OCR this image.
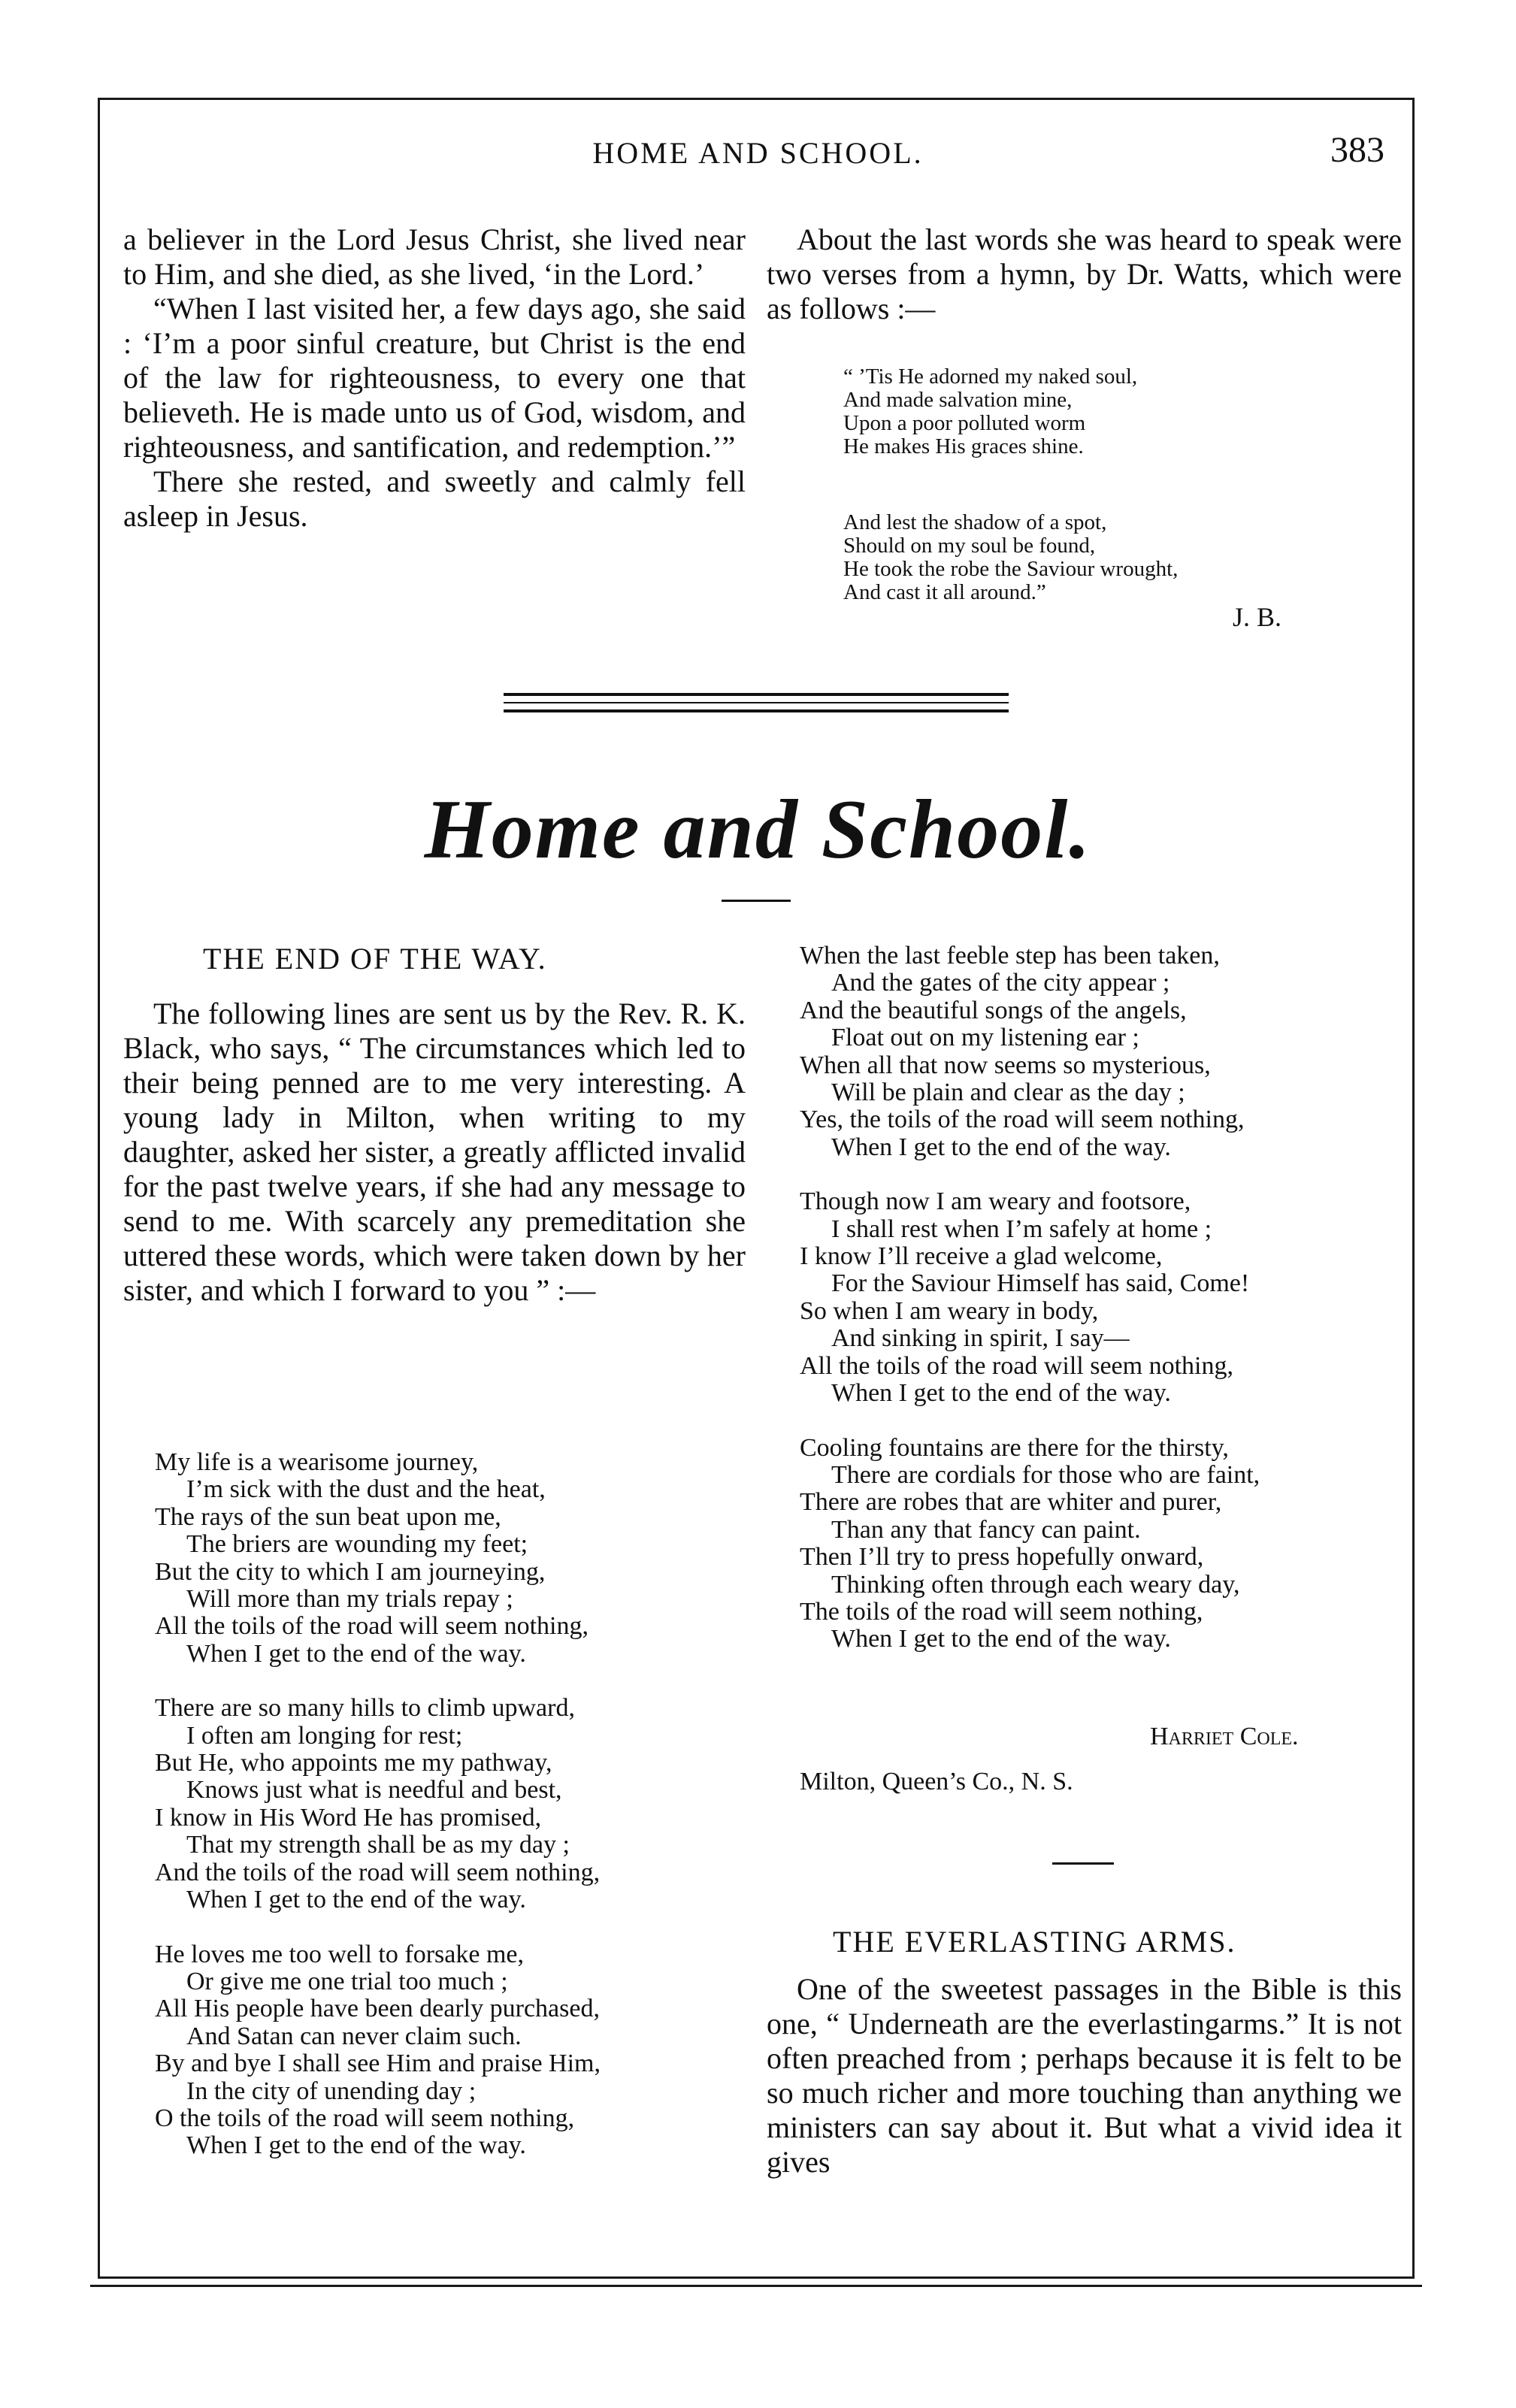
HOME AND SCHOOL.	383

a believer in the Lord Jesus Christ, she lived near to Him, and she died, as she lived, ‘in the Lord.’

“When I last visited her, a few days ago, she said : ‘I’m a poor sinful creature, but Christ is the end of the law for righteousness, to every one that believeth. He is made unto us of God, wisdom, and righteousness, and santification, and redemption.’”

There she rested, and sweetly and calmly fell asleep in Jesus.

About the last words she was heard to speak were two verses from a hymn, by Dr. Watts, which were as follows :—

“ ’Tis He adorned my naked soul,
And made salvation mine,
Upon a poor polluted worm
He makes His graces shine.
And lest the shadow of a spot,
Should on my soul be found,
He took the robe the Saviour wrought,
And cast it all around.”
J. B.
Home and School.
THE END OF THE WAY.

The following lines are sent us by the Rev. R. K. Black, who says, “ The circumstances which led to their being penned are to me very interesting. A young lady in Milton, when writing to my daughter, asked her sister, a greatly afflicted invalid for the past twelve years, if she had any message to send to me. With scarcely any premeditation she uttered these words, which were taken down by her sister, and which I forward to you ” :—

My life is a wearisome journey,
I’m sick with the dust and the heat,
The rays of the sun beat upon me,
The briers are wounding my feet;
But the city to which I am journeying,
Will more than my trials repay ;
All the toils of the road will seem nothing,
When I get to the end of the way.
There are so many hills to climb upward,
I often am longing for rest;
But He, who appoints me my pathway,
Knows just what is needful and best,
I know in His Word He has promised,
That my strength shall be as my day ;
And the toils of the road will seem nothing,
When I get to the end of the way.
He loves me too well to forsake me,
Or give me one trial too much ;
All His people have been dearly purchased,
And Satan can never claim such.
By and bye I shall see Him and praise Him,
In the city of unending day ;
O the toils of the road will seem nothing,
When I get to the end of the way.
When the last feeble step has been taken,
And the gates of the city appear ;
And the beautiful songs of the angels,
Float out on my listening ear ;
When all that now seems so mysterious,
Will be plain and clear as the day ;
Yes, the toils of the road will seem nothing,
When I get to the end of the way.
Though now I am weary and footsore,
I shall rest when I’m safely at home ;
I know I’ll receive a glad welcome,
For the Saviour Himself has said, Come!
So when I am weary in body,
And sinking in spirit, I say—
All the toils of the road will seem nothing,
When I get to the end of the way.
Cooling fountains are there for the thirsty,
There are cordials for those who are faint,
There are robes that are whiter and purer,
Than any that fancy can paint.
Then I’ll try to press hopefully onward,
Thinking often through each weary day,
The toils of the road will seem nothing,
When I get to the end of the way.
Harriet Cole.
Milton, Queen’s Co., N. S.
THE EVERLASTING ARMS.

One of the sweetest passages in the Bible is this one, “ Underneath are the everlastingarms.” It is not often preached from ; perhaps because it is felt to be so much richer and more touching than anything we ministers can say about it. But what a vivid idea it gives
